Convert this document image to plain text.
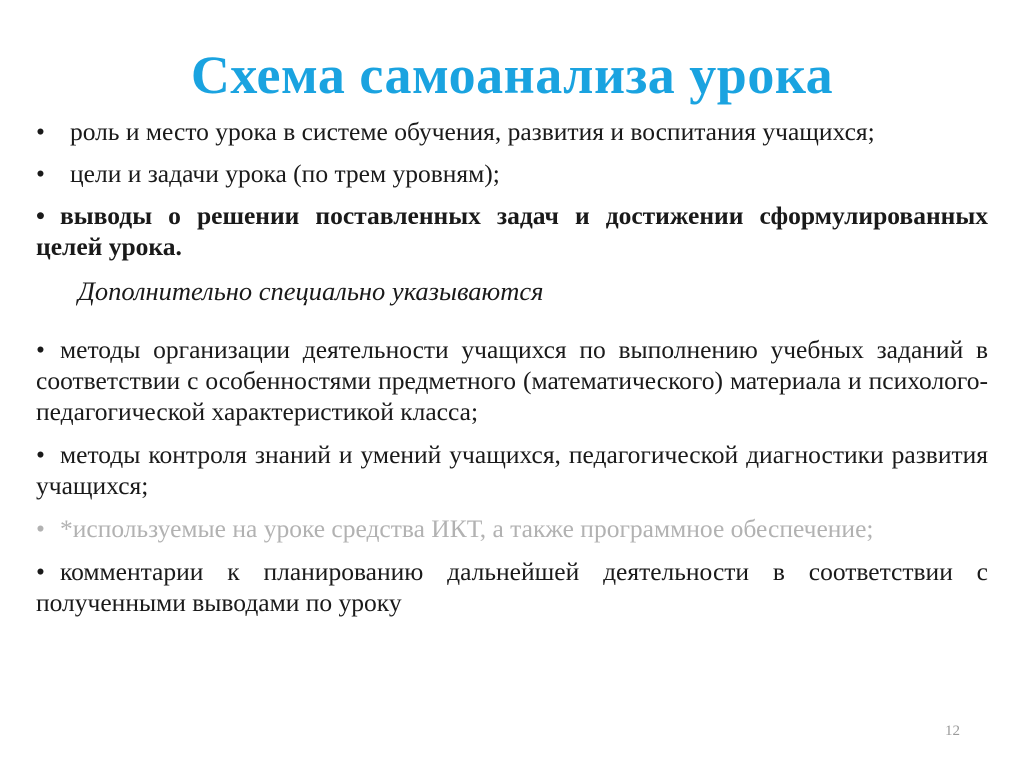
Схема самоанализа урока

• роль и место урока в системе обучения, развития и воспитания учащихся;

• цели и задачи урока (по трем уровням);

• выводы о решении поставленных задач и достижении сформулированных целей урока.

Дополнительно специально указываются

• методы организации деятельности учащихся по выполнению учебных заданий в соответствии с особенностями предметного (математического) материала и психолого-педагогической характеристикой класса;

• методы контроля знаний и умений учащихся, педагогической диагностики развития учащихся;

• *используемые на уроке средства ИКТ, а также программное обеспечение;

• комментарии к планированию дальнейшей деятельности в соответствии с полученными выводами по уроку

12
